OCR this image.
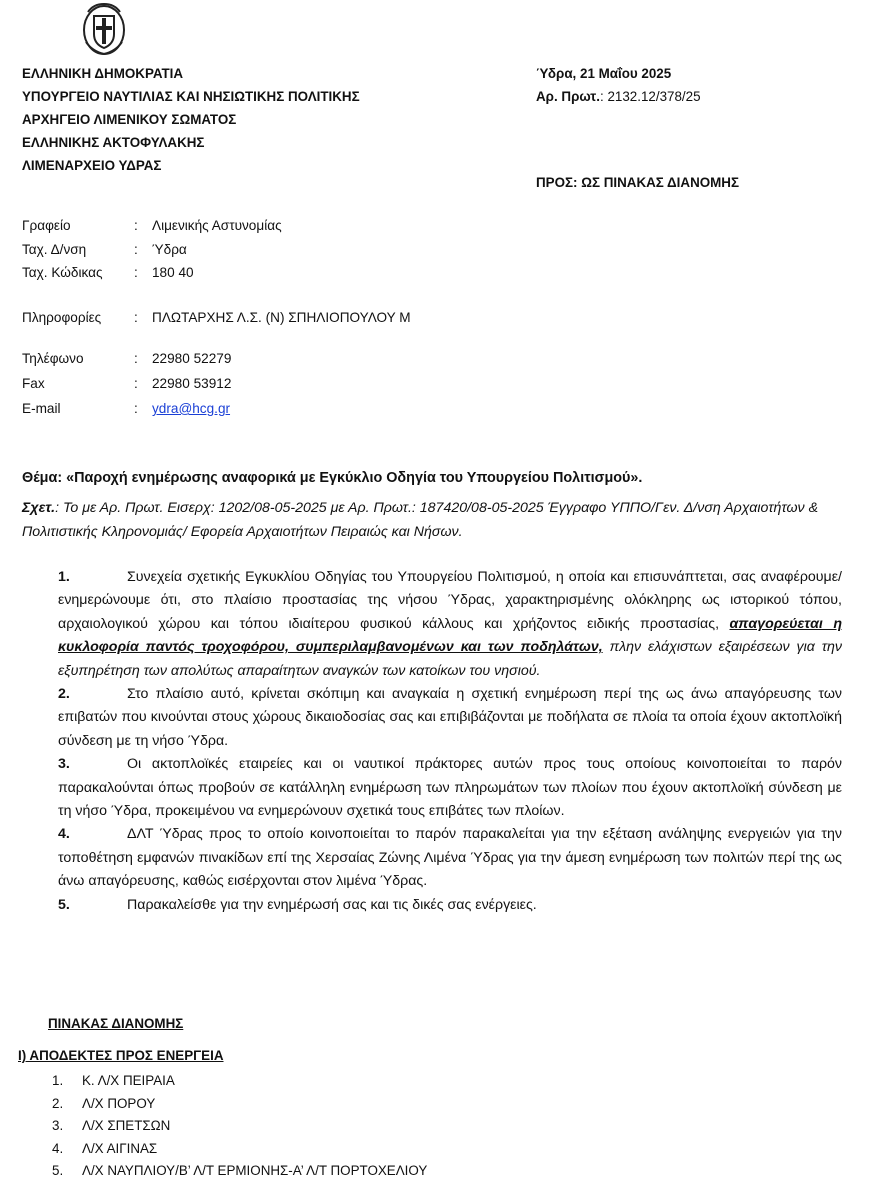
ΕΛΛΗΝΙΚΗ ΔΗΜΟΚΡΑΤΙΑ
ΥΠΟΥΡΓΕΙΟ ΝΑΥΤΙΛΙΑΣ ΚΑΙ ΝΗΣΙΩΤΙΚΗΣ ΠΟΛΙΤΙΚΗΣ
ΑΡΧΗΓΕΙΟ ΛΙΜΕΝΙΚΟΥ ΣΩΜΑΤΟΣ
ΕΛΛΗΝΙΚΗΣ ΑΚΤΟΦΥΛΑΚΗΣ
ΛΙΜΕΝΑΡΧΕΙΟ ΥΔΡΑΣ
Ύδρα, 21 Μαΐου 2025
Αρ. Πρωτ.: 2132.12/378/25
ΠΡΟΣ: ΩΣ ΠΙΝΑΚΑΣ ΔΙΑΝΟΜΗΣ
Γραφείο	: Λιμενικής Αστυνομίας
Ταχ. Δ/νση	: Ύδρα
Ταχ. Κώδικας : 180 40
Πληροφορίες : ΠΛΩΤΑΡΧΗΣ Λ.Σ. (Ν) ΣΠΗΛΙΟΠΟΥΛΟΥ Μ
Τηλέφωνο	: 22980 52279
Fax	: 22980 53912
E-mail	: ydra@hcg.gr
Θέμα: «Παροχή ενημέρωσης αναφορικά με Εγκύκλιο Οδηγία του Υπουργείου Πολιτισμού».
Σχετ.: Το με Αρ. Πρωτ. Εισερχ: 1202/08-05-2025 με Αρ. Πρωτ.: 187420/08-05-2025 Έγγραφο ΥΠΠΟ/Γεν. Δ/νση Αρχαιοτήτων & Πολιτιστικής Κληρονομιάς/ Εφορεία Αρχαιοτήτων Πειραιώς και Νήσων.

1.	Συνεχεία σχετικής Εγκυκλίου Οδηγίας του Υπουργείου Πολιτισμού, η οποία και επισυνάπτεται, σας αναφέρουμε/ενημερώνουμε ότι, στο πλαίσιο προστασίας της νήσου Ύδρας, χαρακτηρισμένης ολόκληρης ως ιστορικού τόπου, αρχαιολογικού χώρου και τόπου ιδιαίτερου φυσικού κάλλους και χρήζοντος ειδικής προστασίας, απαγορεύεται η κυκλοφορία παντός τροχοφόρου, συμπεριλαμβανομένων και των ποδηλάτων, πλην ελάχιστων εξαιρέσεων για την εξυπηρέτηση των απολύτως απαραίτητων αναγκών των κατοίκων του νησιού.

2.	Στο πλαίσιο αυτό, κρίνεται σκόπιμη και αναγκαία η σχετική ενημέρωση περί της ως άνω απαγόρευσης των επιβατών που κινούνται στους χώρους δικαιοδοσίας σας και επιβιβάζονται με ποδήλατα σε πλοία τα οποία έχουν ακτοπλοϊκή σύνδεση με τη νήσο Ύδρα.

3.	Οι ακτοπλοϊκές εταιρείες και οι ναυτικοί πράκτορες αυτών προς τους οποίους κοινοποιείται το παρόν παρακαλούνται όπως προβούν σε κατάλληλη ενημέρωση των πληρωμάτων των πλοίων που έχουν ακτοπλοϊκή σύνδεση με τη νήσο Ύδρα, προκειμένου να ενημερώνουν σχετικά τους επιβάτες των πλοίων.

4.	ΔΛΤ Ύδρας προς το οποίο κοινοποιείται το παρόν παρακαλείται για την εξέταση ανάληψης ενεργειών για την τοποθέτηση εμφανών πινακίδων επί της Χερσαίας Ζώνης Λιμένα Ύδρας για την άμεση ενημέρωση των πολιτών περί της ως άνω απαγόρευσης, καθώς εισέρχονται στον λιμένα Ύδρας.

5.	Παρακαλείσθε για την ενημέρωσή σας και τις δικές σας ενέργειες.

ΠΙΝΑΚΑΣ ΔΙΑΝΟΜΗΣ
Ι) ΑΠΟΔΕΚΤΕΣ ΠΡΟΣ ΕΝΕΡΓΕΙΑ
1. Κ. Λ/Χ ΠΕΙΡΑΙΑ
2. Λ/Χ ΠΟΡΟΥ
3. Λ/Χ ΣΠΕΤΣΩΝ
4. Λ/Χ ΑΙΓΙΝΑΣ
5. Λ/Χ ΝΑΥΠΛΙΟΥ/Β’ Λ/Τ ΕΡΜΙΟΝΗΣ-Α’ Λ/Τ ΠΟΡΤΟΧΕΛΙΟΥ
